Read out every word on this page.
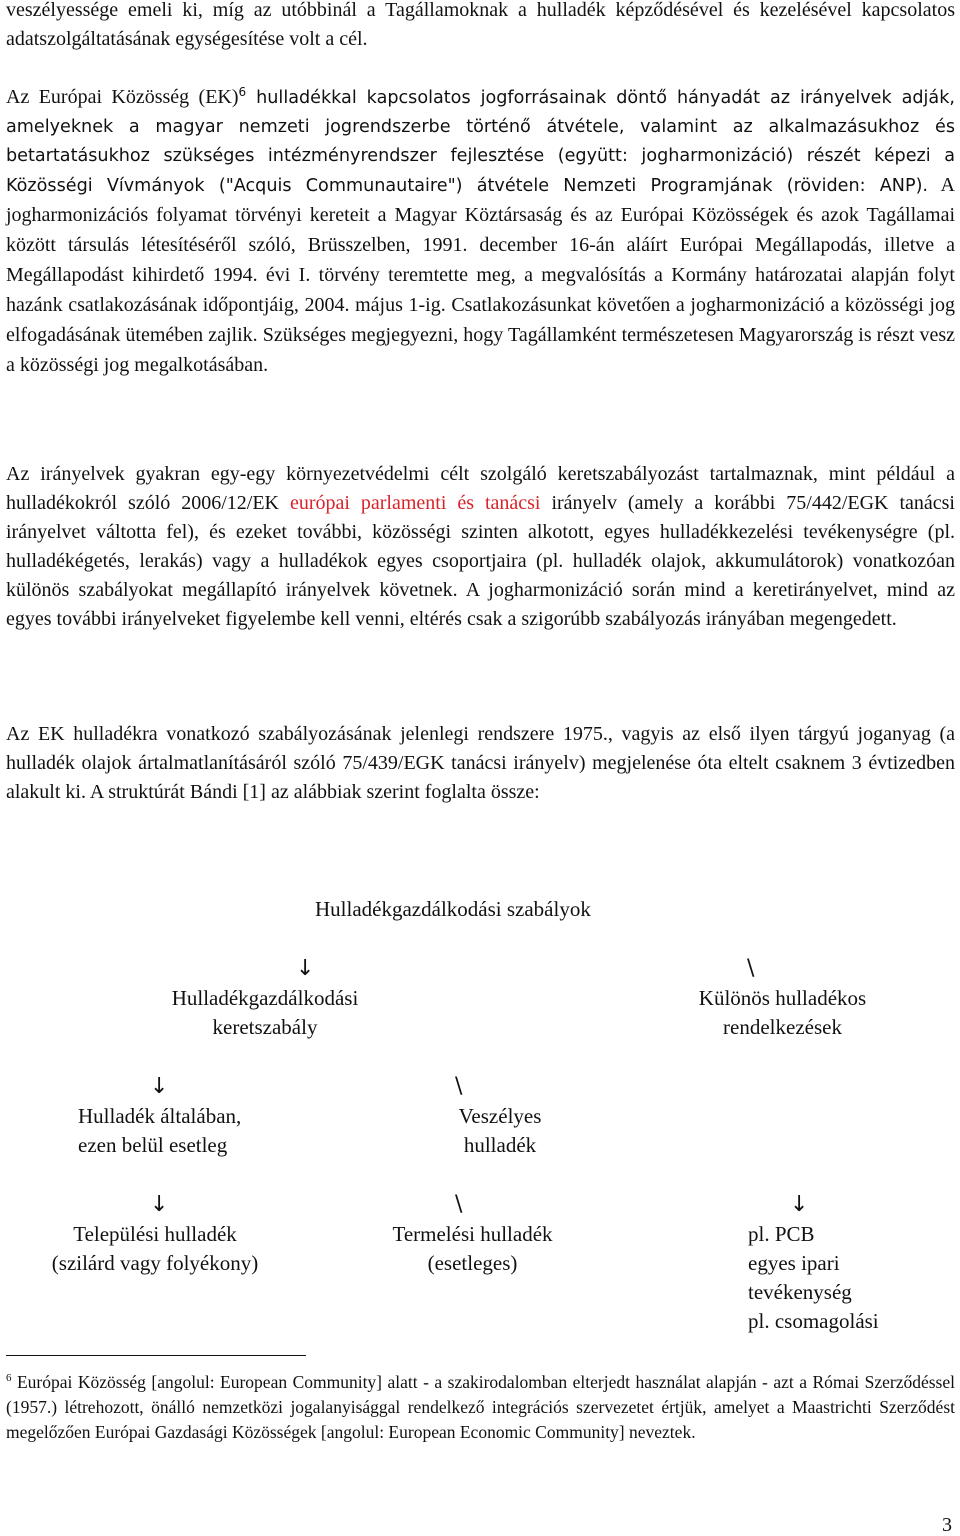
veszélyessége emeli ki, míg az utóbbinál a Tagállamoknak a hulladék képződésével és kezelésével kapcsolatos adatszolgáltatásának egységesítése volt a cél.

Az Európai Közösség (EK)$^6$ hulladékkal kapcsolatos jogforrásainak döntő hányadát az irányelvek adják, amelyeknek a magyar nemzeti jogrendszerbe történő átvétele, valamint az alkalmazásukhoz és betartatásukhoz szükséges intézményrendszer fejlesztése (együtt: jogharmonizáció) részét képezi a Közösségi Vívmányok ("Acquis Communautaire") átvétele Nemzeti Programjának (röviden: ANP). A jogharmonizációs folyamat törvényi kereteit a Magyar Köztársaság és az Európai Közösségek és azok Tagállamai között társulás létesítéséről szóló, Brüsszelben, 1991. december 16-án aláírt Európai Megállapodás, illetve a Megállapodást kihirdető 1994. évi I. törvény teremtette meg, a megvalósítás a Kormány határozatai alapján folyt hazánk csatlakozásának időpontjáig, 2004. május 1-ig. Csatlakozásunkat követően a jogharmonizáció a közösségi jog elfogadásának ütemében zajlik. Szükséges megjegyezni, hogy Tagállamként természetesen Magyarország is részt vesz a közösségi jog megalkotásában.

Az irányelvek gyakran egy-egy környezetvédelmi célt szolgáló keretszabályozást tartalmaznak, mint például a hulladékokról szóló 2006/12/EK európai parlamenti és tanácsi irányelv (amely a korábbi 75/442/EGK tanácsi irányelvet váltotta fel), és ezeket további, közösségi szinten alkotott, egyes hulladékkezelési tevékenységre (pl. hulladékégetés, lerakás) vagy a hulladékok egyes csoportjaira (pl. hulladék olajok, akkumulátorok) vonatkozóan különös szabályokat megállapító irányelvek követnek. A jogharmonizáció során mind a keretirányelvet, mind az egyes további irányelveket figyelembe kell venni, eltérés csak a szigorúbb szabályozás irányában megengedett.

Az EK hulladékra vonatkozó szabályozásának jelenlegi rendszere 1975., vagyis az első ilyen tárgyú joganyag (a hulladék olajok ártalmatlanításáról szóló 75/439/EGK tanácsi irányelv) megjelenése óta eltelt csaknem 3 évtizedben alakult ki. A struktúrát Bándi [1] az alábbiak szerint foglalta össze:

Hulladékgazdálkodási szabályok
↓	\
Hulladékgazdálkodási
keretszabály
Különös hulladékos
rendelkezések
↓	\
Hulladék általában,
ezen belül esetleg
Veszélyes
hulladék
↓	\	↓
Települési hulladék
(szilárd vagy folyékony)
Termelési hulladék
(esetleges)
pl. PCB
egyes ipari
tevékenység
pl. csomagolási
$^6$ Európai Közösség [angolul: European Community] alatt - a szakirodalomban elterjedt használat alapján - azt a Római Szerződéssel (1957.) létrehozott, önálló nemzetközi jogalanyisággal rendelkező integrációs szervezetet értjük, amelyet a Maastrichti Szerződést megelőzően Európai Gazdasági Közösségek [angolul: European Economic Community] neveztek.
3
